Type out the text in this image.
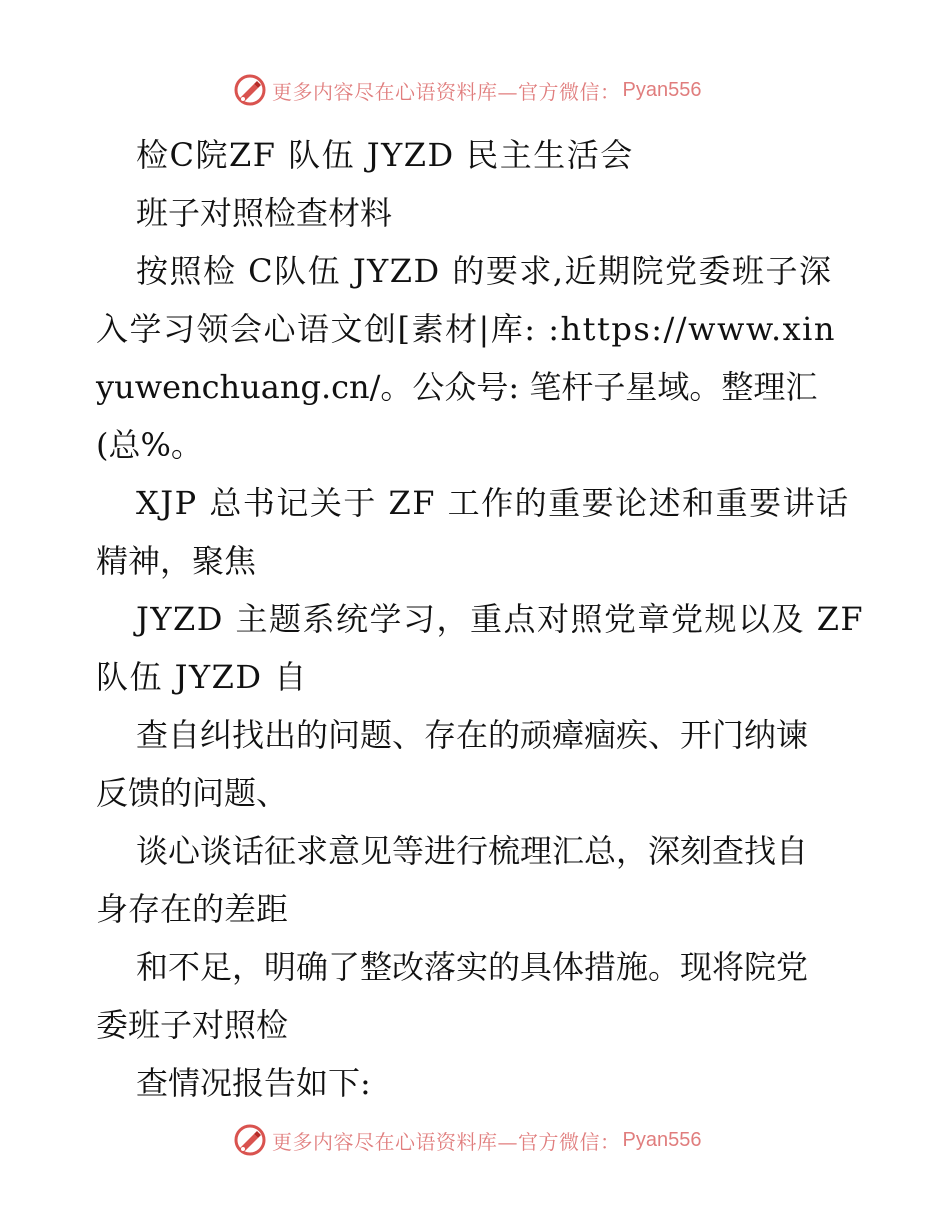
更多内容尽在心语资料库—官方微信： Pyan556
检C院ZF 队伍 JYZD 民主生活会
班子对照检查材料
按照检 C队伍 JYZD 的要求,近期院党委班子深
入学习领会心语文创[素材|库: :https://www.xin
yuwenchuang.cn/。公众号: 笔杆子星域。整理汇
(总%。
XJP 总书记关于 ZF 工作的重要论述和重要讲话
精神，聚焦
JYZD 主题系统学习，重点对照党章党规以及 ZF
队伍 JYZD 自
查自纠找出的问题、存在的顽瘴痼疾、开门纳谏
反馈的问题、
谈心谈话征求意见等进行梳理汇总，深刻查找自
身存在的差距
和不足，明确了整改落实的具体措施。现将院党
委班子对照检
查情况报告如下:
更多内容尽在心语资料库—官方微信： Pyan556
